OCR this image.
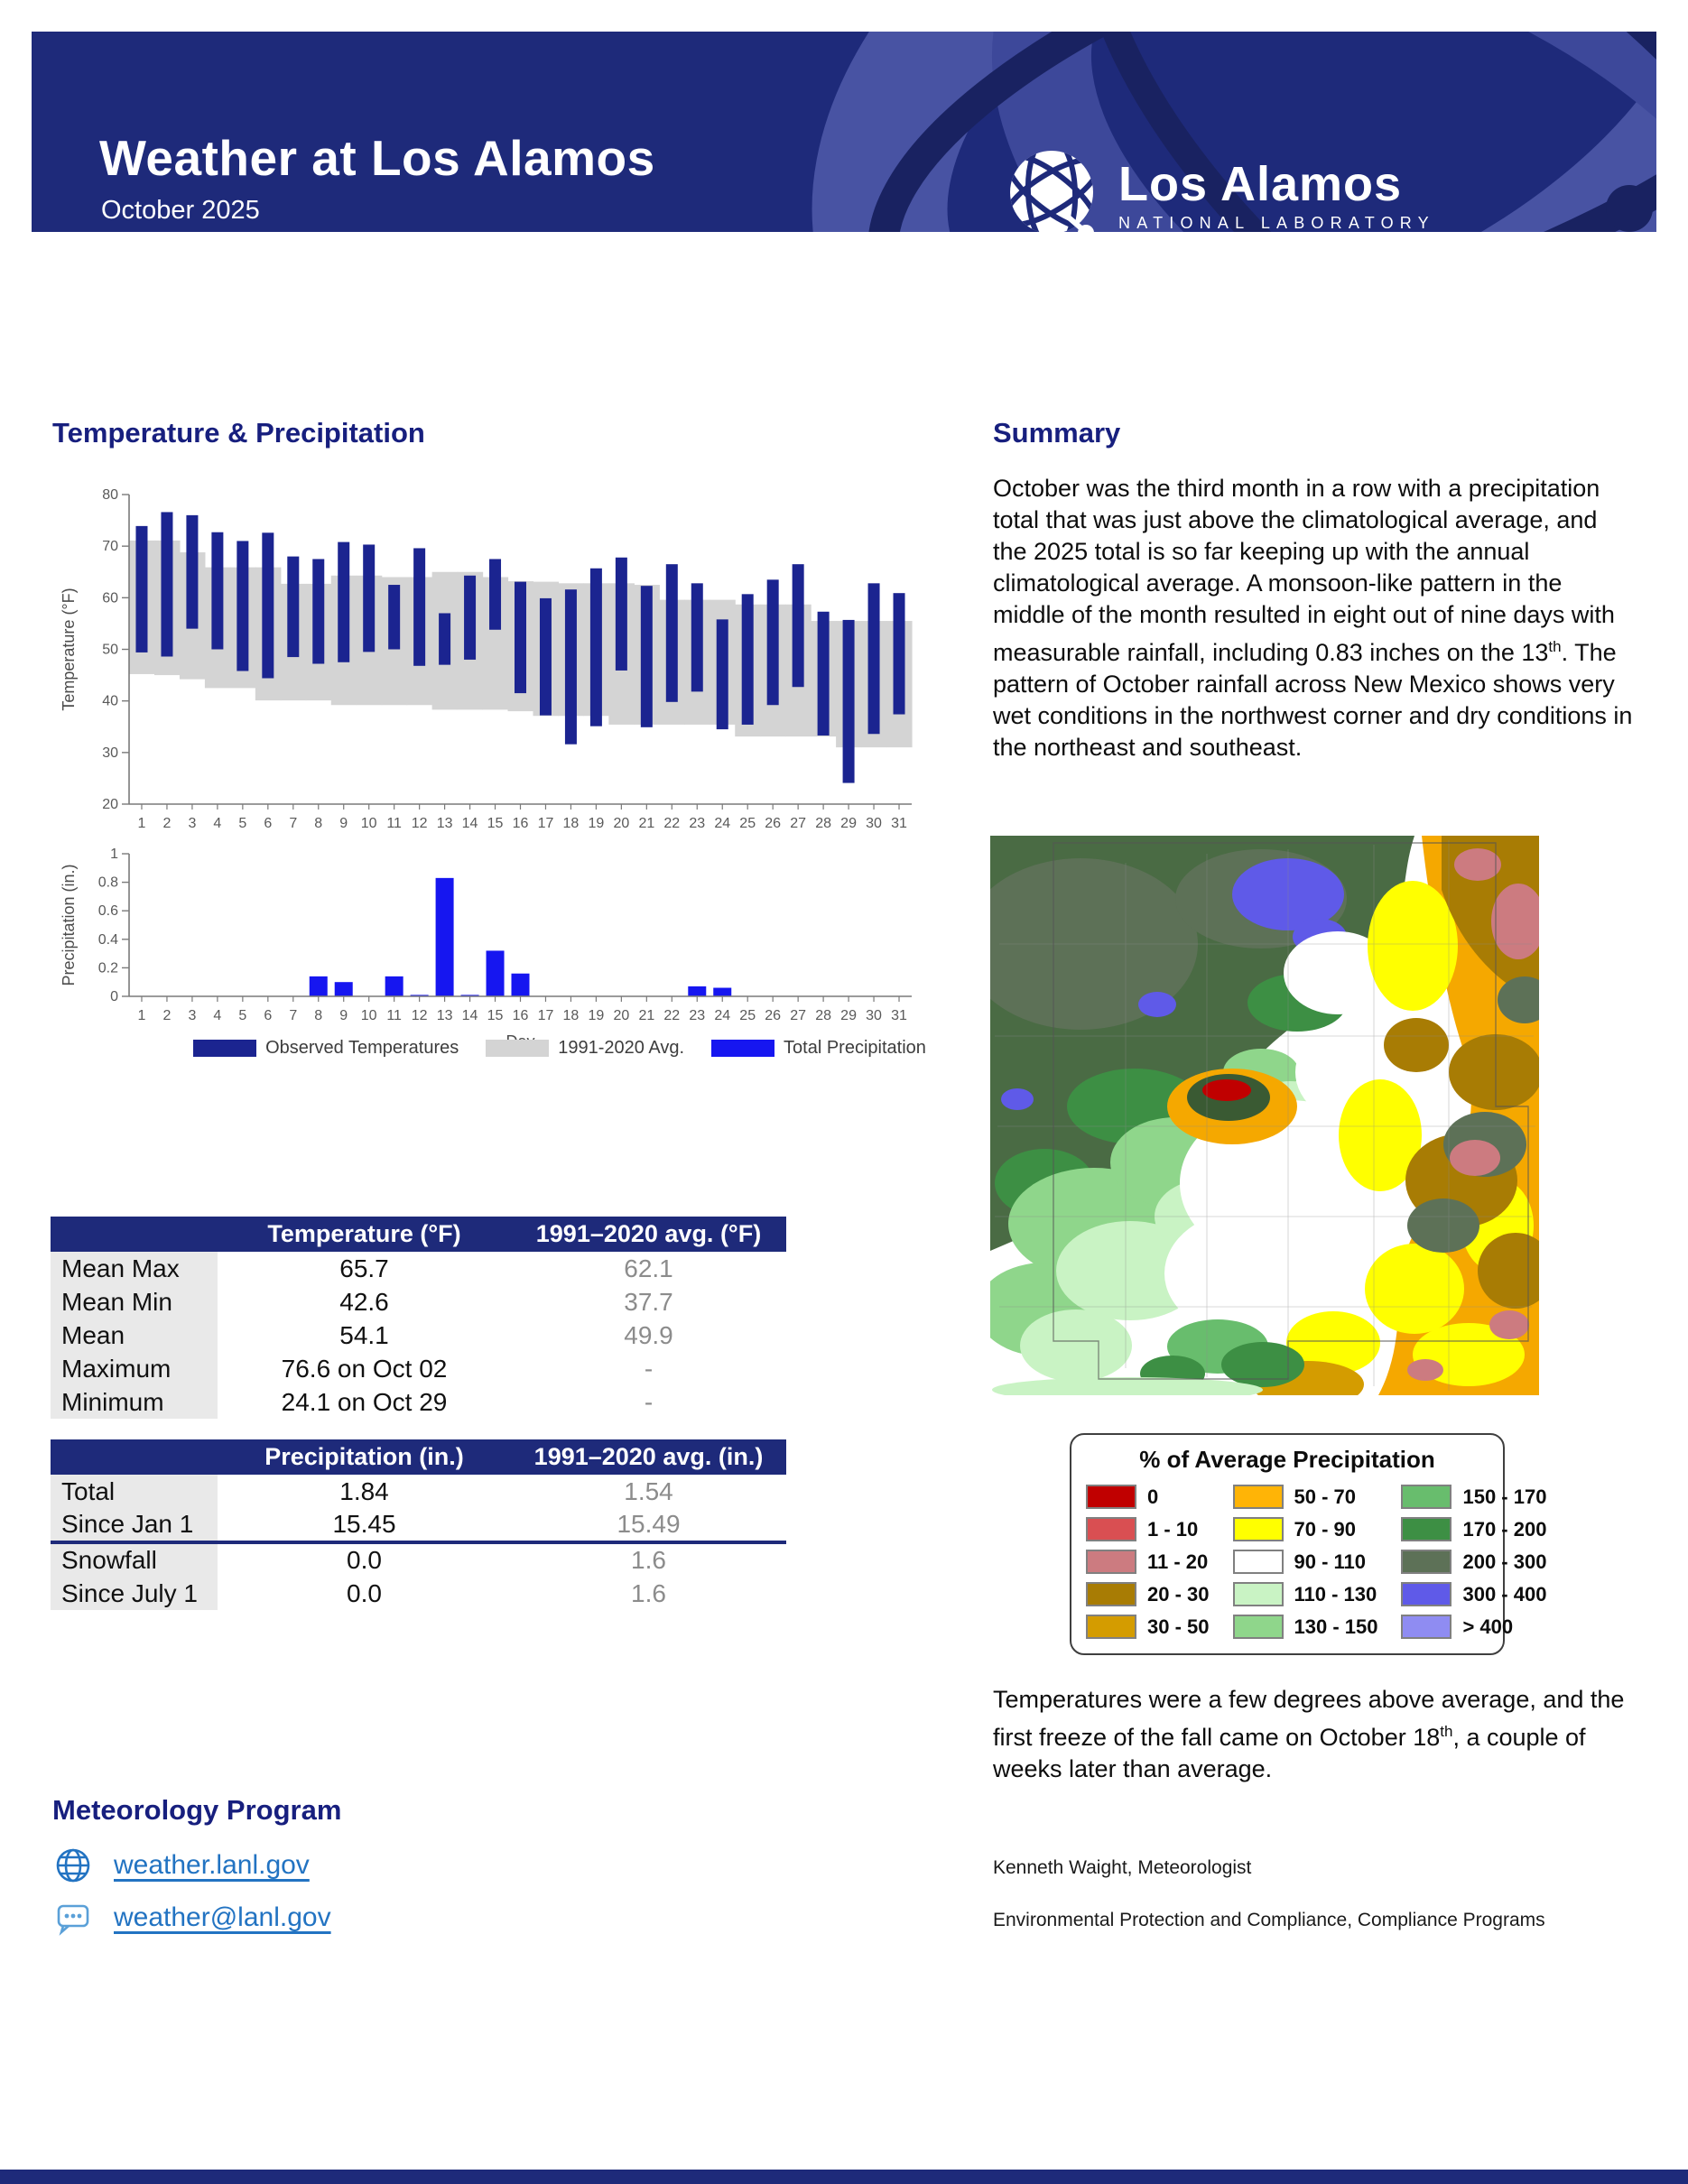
Weather at Los Alamos
October 2025	Los Alamos
NATIONAL LABORATORY
Temperature & Precipitation
20
30
40
50
60
70
80
1 2 3 4 5 6 7 8 9 10 11 12 13 14 15 16 17 18 19 20 21 22 23 24 25 26 27 28 29 30 31
Temperature (°F)
0
0.2
0.4
0.6
0.8
1
1 2 3 4 5 6 7 8 9 10 11 12 13 14 15 16 17 18 19 20 21 22 23 24 25 26 27 28 29 30 31
Precipitation (in.)
Observed Temperatures	1991-2020 Avg.	Total Precipitation
	Temperature (°F)	1991–2020 avg. (°F)
Mean Max	65.7	62.1
Mean Min	42.6	37.7
Mean	54.1	49.9
Maximum	76.6 on Oct 02	-
Minimum	24.1 on Oct 29	-
	Precipitation (in.)	1991–2020 avg. (in.)
Total	1.84	1.54
Since Jan 1	15.45	15.49
Snowfall	0.0	1.6
Since July 1	0.0	1.6
Summary
October was the third month in a row with a precipitation total that was just above the climatological average, and the 2025 total is so far keeping up with the annual climatological average. A monsoon-like pattern in the middle of the month resulted in eight out of nine days with measurable rainfall, including 0.83 inches on the 13th. The pattern of October rainfall across New Mexico shows very wet conditions in the northwest corner and dry conditions in the northeast and southeast.
% of Average Precipitation
0
1 - 10
11 - 20
20 - 30
30 - 50
50 - 70
70 - 90
90 - 110
110 - 130
130 - 150
150 - 170
170 - 200
200 - 300
300 - 400
> 400
Temperatures were a few degrees above average, and the first freeze of the fall came on October 18th, a couple of weeks later than average.
Kenneth Waight, Meteorologist
Environmental Protection and Compliance, Compliance Programs
Meteorology Program
weather.lanl.gov
weather@lanl.gov
